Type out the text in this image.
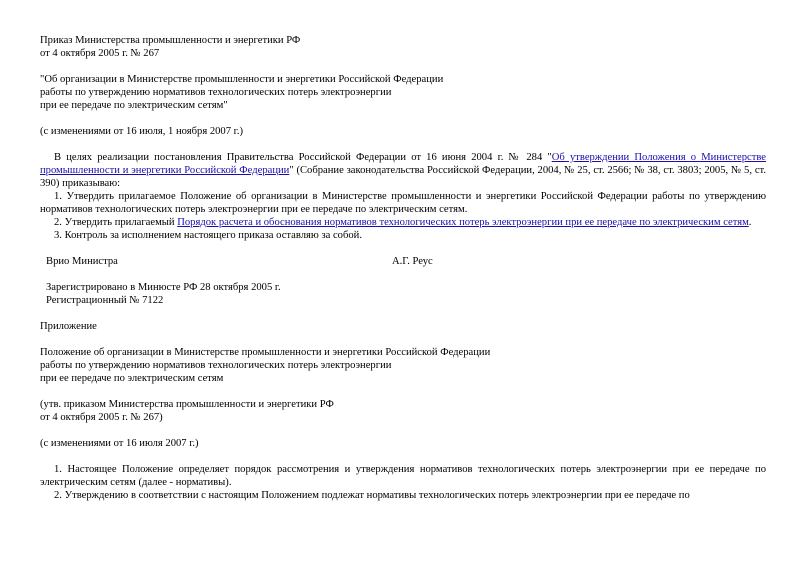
Приказ Министерства промышленности и энергетики РФ

от 4 октября 2005 г. № 267

"Об организации в Министерстве промышленности и энергетики Российской Федерации

работы по утверждению нормативов технологических потерь электроэнергии

при ее передаче по электрическим сетям"

(с изменениями от 16 июля, 1 ноября 2007 г.)

В целях реализации постановления Правительства Российской Федерации от 16 июня 2004 г. № 284 "Об утверждении Положения о Министерстве промышленности и энергетики Российской Федерации" (Собрание законодательства Российской Федерации, 2004, № 25, ст. 2566; № 38, ст. 3803; 2005, № 5, ст. 390) приказываю:

1. Утвердить прилагаемое Положение об организации в Министерстве промышленности и энергетики Российской Федерации работы по утверждению нормативов технологических потерь электроэнергии при ее передаче по электрическим сетям.

2. Утвердить прилагаемый Порядок расчета и обоснования нормативов технологических потерь электроэнергии при ее передаче по электрическим сетям.

3. Контроль за исполнением настоящего приказа оставляю за собой.

Врио Министра	А.Г. Реус

Зарегистрировано в Минюсте РФ 28 октября 2005 г.

Регистрационный № 7122

Приложение

Положение об организации в Министерстве промышленности и энергетики Российской Федерации

работы по утверждению нормативов технологических потерь электроэнергии

при ее передаче по электрическим сетям

(утв. приказом Министерства промышленности и энергетики РФ

от 4 октября 2005 г. № 267)

(с изменениями от 16 июля 2007 г.)

1. Настоящее Положение определяет порядок рассмотрения и утверждения нормативов технологических потерь электроэнергии при ее передаче по электрическим сетям (далее - нормативы).

2. Утверждению в соответствии с настоящим Положением подлежат нормативы технологических потерь электроэнергии при ее передаче по
